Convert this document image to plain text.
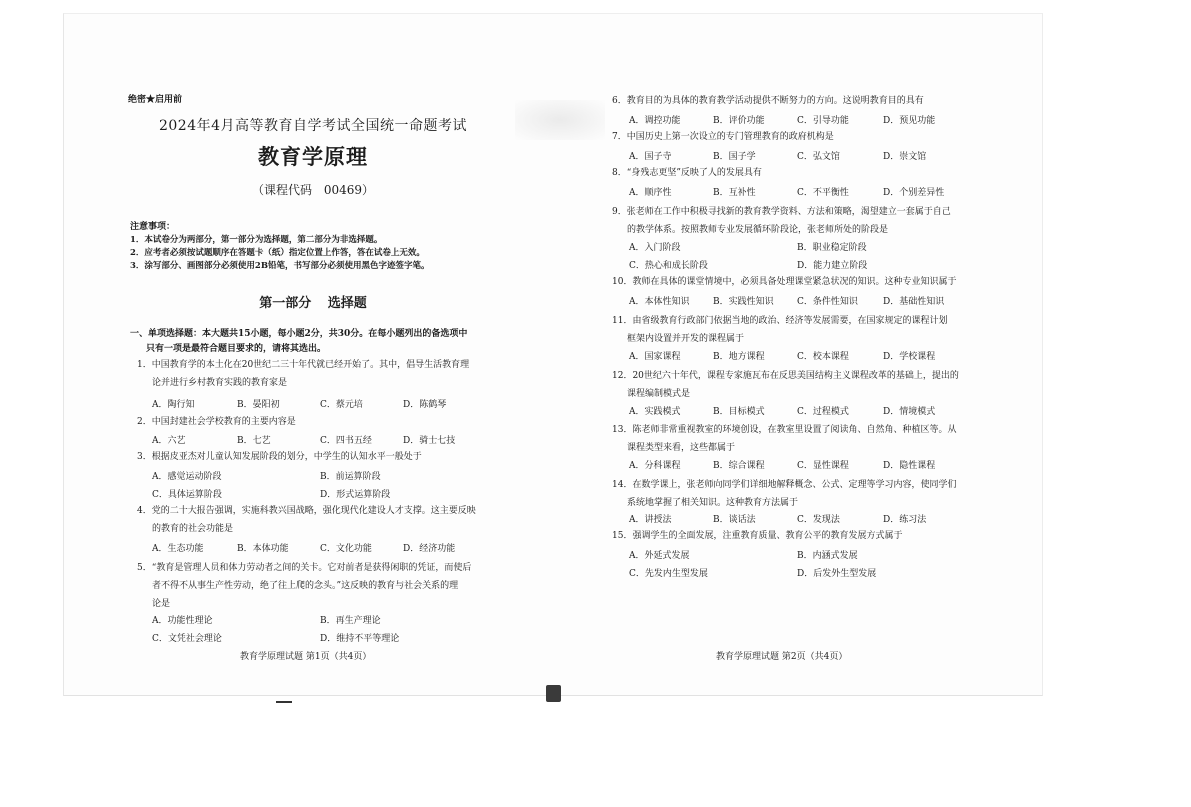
绝密★启用前
2024年4月高等教育自学考试全国统一命题考试
教育学原理
（课程代码 00469）
注意事项：
1．本试卷分为两部分，第一部分为选择题，第二部分为非选择题。
2．应考者必须按试题顺序在答题卡（纸）指定位置上作答，答在试卷上无效。
3．涂写部分、画图部分必须使用2B铅笔，书写部分必须使用黑色字迹签字笔。
第一部分 选择题
一、单项选择题：本大题共15小题，每小题2分，共30分。在每小题列出的备选项中
只有一项是最符合题目要求的，请将其选出。
1．中国教育学的本土化在20世纪二三十年代就已经开始了。其中，倡导生活教育理
论并进行乡村教育实践的教育家是
A．陶行知	B．晏阳初	C．蔡元培	D．陈鹤琴
2．中国封建社会学校教育的主要内容是
A．六艺	B．七艺	C．四书五经	D．骑士七技
3．根据皮亚杰对儿童认知发展阶段的划分，中学生的认知水平一般处于
A．感觉运动阶段	B．前运算阶段
C．具体运算阶段	D．形式运算阶段
4．党的二十大报告强调，实施科教兴国战略，强化现代化建设人才支撑。这主要反映
的教育的社会功能是
A．生态功能	B．本体功能	C．文化功能	D．经济功能
5．“教育是管理人员和体力劳动者之间的关卡。它对前者是获得闲职的凭证，而使后
者不得不从事生产性劳动，绝了往上爬的念头。”这反映的教育与社会关系的理
论是
A．功能性理论	B．再生产理论
C．文凭社会理论	D．维持不平等理论
教育学原理试题 第1页（共4页）
6．教育目的为具体的教育教学活动提供不断努力的方向。这说明教育目的具有
A．调控功能	B．评价功能	C．引导功能	D．预见功能
7．中国历史上第一次设立的专门管理教育的政府机构是
A．国子寺	B．国子学	C．弘文馆	D．崇文馆
8．“身残志更坚”反映了人的发展具有
A．顺序性	B．互补性	C．不平衡性	D．个别差异性
9．张老师在工作中积极寻找新的教育教学资料、方法和策略，渴望建立一套属于自己
的教学体系。按照教师专业发展循环阶段论，张老师所处的阶段是
A．入门阶段	B．职业稳定阶段
C．热心和成长阶段	D．能力建立阶段
10．教师在具体的课堂情境中，必须具备处理课堂紧急状况的知识。这种专业知识属于
A．本体性知识	B．实践性知识	C．条件性知识	D．基础性知识
11．由省级教育行政部门依据当地的政治、经济等发展需要，在国家规定的课程计划
框架内设置并开发的课程属于
A．国家课程	B．地方课程	C．校本课程	D．学校课程
12．20世纪六十年代，课程专家施瓦布在反思美国结构主义课程改革的基础上，提出的
课程编制模式是
A．实践模式	B．目标模式	C．过程模式	D．情境模式
13．陈老师非常重视教室的环境创设，在教室里设置了阅读角、自然角、种植区等。从
课程类型来看，这些都属于
A．分科课程	B．综合课程	C．显性课程	D．隐性课程
14．在数学课上，张老师向同学们详细地解释概念、公式、定理等学习内容，使同学们
系统地掌握了相关知识。这种教育方法属于
A．讲授法	B．谈话法	C．发现法	D．练习法
15．强调学生的全面发展，注重教育质量、教育公平的教育发展方式属于
A．外延式发展	B．内涵式发展
C．先发内生型发展	D．后发外生型发展
教育学原理试题 第2页（共4页）
